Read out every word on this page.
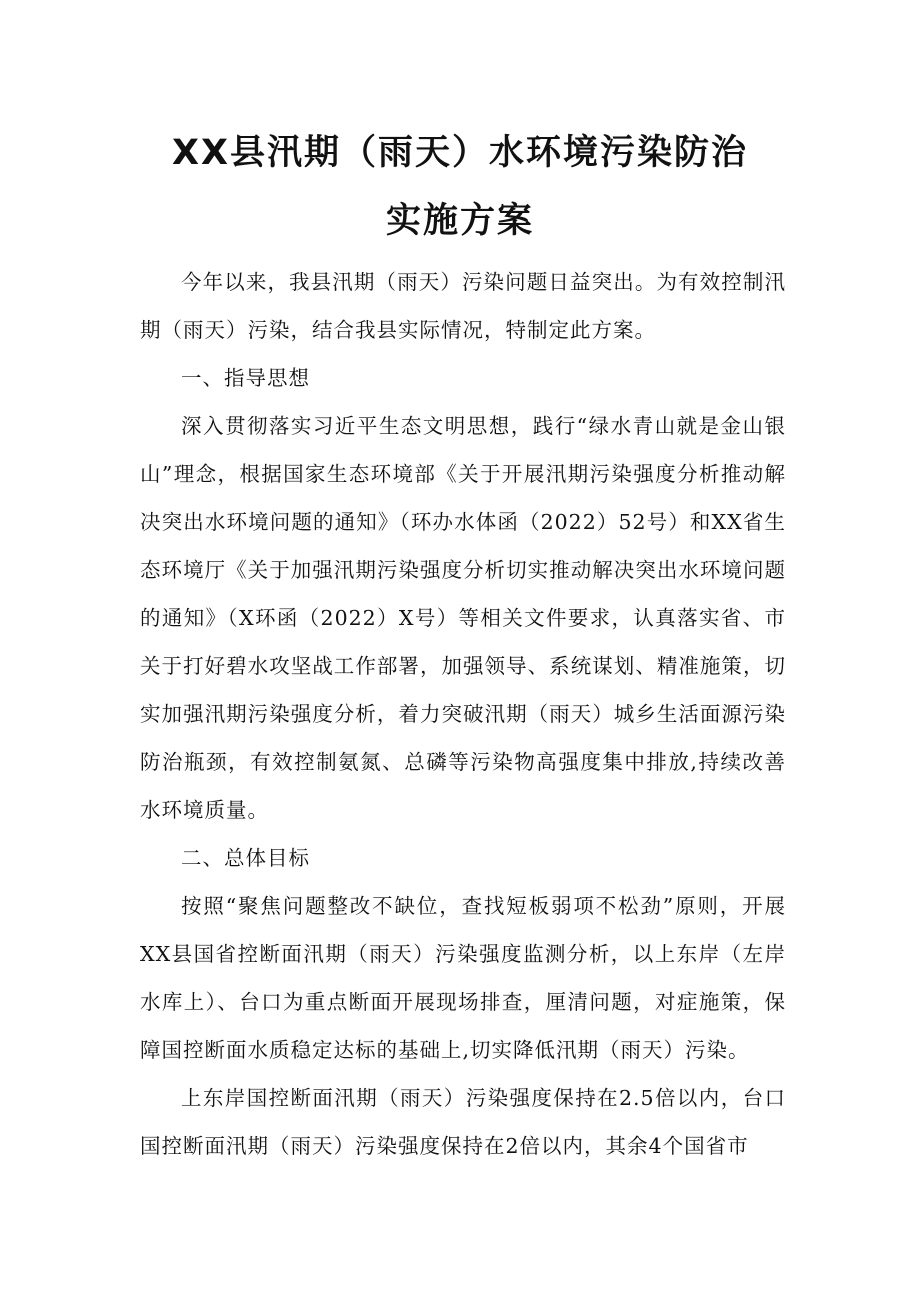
XX县汛期（雨天）水环境污染防治
实施方案

今年以来，我县汛期（雨天）污染问题日益突出。为有效控制汛期（雨天）污染，结合我县实际情况，特制定此方案。

一、指导思想

深入贯彻落实习近平生态文明思想，践行“绿水青山就是金山银山”理念，根据国家生态环境部《关于开展汛期污染强度分析推动解决突出水环境问题的通知》（环办水体函（2022）52号）和XX省生态环境厅《关于加强汛期污染强度分析切实推动解决突出水环境问题的通知》（X环函（2022）X号）等相关文件要求，认真落实省、市关于打好碧水攻坚战工作部署，加强领导、系统谋划、精准施策，切实加强汛期污染强度分析，着力突破汛期（雨天）城乡生活面源污染防治瓶颈，有效控制氨氮、总磷等污染物高强度集中排放,持续改善水环境质量。

二、总体目标

按照“聚焦问题整改不缺位，查找短板弱项不松劲”原则，开展XX县国省控断面汛期（雨天）污染强度监测分析，以上东岸（左岸水库上）、台口为重点断面开展现场排查，厘清问题，对症施策，保障国控断面水质稳定达标的基础上,切实降低汛期（雨天）污染。

上东岸国控断面汛期（雨天）污染强度保持在2.5倍以内，台口国控断面汛期（雨天）污染强度保持在2倍以内，其余4个国省市
